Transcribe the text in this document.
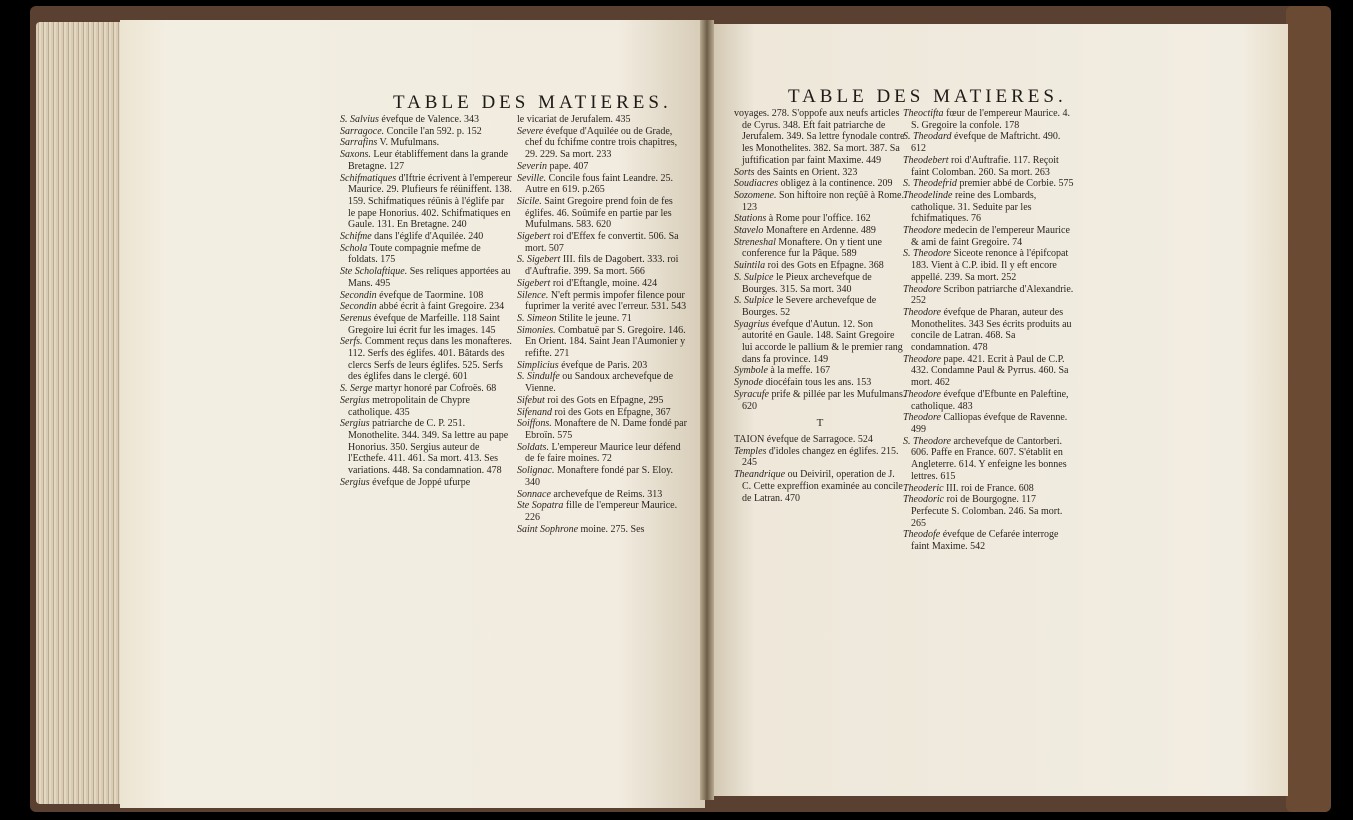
TABLE DES MATIERES.	TABLE DES MATIERES.

S. Salvius évefque de Valence. 343

Sarragoce. Concile l'an 592. p. 152

Sarrafins V. Mufulmans.

Saxons. Leur établiffement dans la grande Bretagne. 127

Schifmatiques d'Iftrie écrivent à l'empereur Maurice. 29. Plufieurs fe réüniffent. 138. 159. Schifmatiques réünis à l'églife par le pape Honorius. 402. Schifmatiques en Gaule. 131. En Bretagne. 240

Schifme dans l'églife d'Aquilée. 240

Schola Toute compagnie mefme de foldats. 175

Ste Scholaftique. Ses reliques apportées au Mans. 495

Secondin évefque de Taormine. 108

Secondin abbé écrit à faint Gregoire. 234

Serenus évefque de Marfeille. 118 Saint Gregoire lui écrit fur les images. 145

Serfs. Comment reçus dans les monafteres. 112. Serfs des églifes. 401. Bâtards des clercs Serfs de leurs églifes. 525. Serfs des églifes dans le clergé. 601

S. Serge martyr honoré par Cofroës. 68

Sergius metropolitain de Chypre catholique. 435

Sergius patriarche de C. P. 251. Monothelite. 344. 349. Sa lettre au pape Honorius. 350. Sergius auteur de l'Ecthefe. 411. 461. Sa mort. 413. Ses variations. 448. Sa condamnation. 478

Sergius évefque de Joppé ufurpe

le vicariat de Jerufalem. 435

Severe évefque d'Aquilée ou de Grade, chef du fchifme contre trois chapitres, 29. 229. Sa mort. 233

Severin pape. 407

Seville. Concile fous faint Leandre. 25. Autre en 619. p.265

Sicile. Saint Gregoire prend foin de fes églifes. 46. Soûmife en partie par les Mufulmans. 583. 620

Sigebert roi d'Effex fe convertit. 506. Sa mort. 507

S. Sigebert III. fils de Dagobert. 333. roi d'Auftrafie. 399. Sa mort. 566

Sigebert roi d'Eftangle, moine. 424

Silence. N'eft permis impofer filence pour fuprimer la verité avec l'erreur. 531. 543

S. Simeon Stilite le jeune. 71

Simonies. Combatuë par S. Gregoire. 146. En Orient. 184. Saint Jean l'Aumonier y refifte. 271

Simplicius évefque de Paris. 203

S. Sindulfe ou Sandoux archevefque de Vienne.

Sifebut roi des Gots en Efpagne, 295

Sifenand roi des Gots en Efpagne, 367

Soiffons. Monaftere de N. Dame fondé par Ebroïn. 575

Soldats. L'empereur Maurice leur défend de fe faire moines. 72

Solignac. Monaftere fondé par S. Eloy. 340

Sonnace archevefque de Reims. 313

Ste Sopatra fille de l'empereur Maurice. 226

Saint Sophrone moine. 275. Ses

voyages. 278. S'oppofe aux neufs articles de Cyrus. 348. Eft fait patriarche de Jerufalem. 349. Sa lettre fynodale contre les Monothelites. 382. Sa mort. 387. Sa juftification par faint Maxime. 449

Sorts des Saints en Orient. 323

Soudiacres obligez à la continence. 209

Sozomene. Son hiftoire non reçûë à Rome. 123

Stations à Rome pour l'office. 162

Stavelo Monaftere en Ardenne. 489

Streneshal Monaftere. On y tient une conference fur la Pâque. 589

Suintila roi des Gots en Efpagne. 368

S. Sulpice le Pieux archevefque de Bourges. 315. Sa mort. 340

S. Sulpice le Severe archevefque de Bourges. 52

Syagrius évefque d'Autun. 12. Son autorité en Gaule. 148. Saint Gregoire lui accorde le pallium & le premier rang dans fa province. 149

Symbole à la meffe. 167

Synode diocéfain tous les ans. 153

Syracufe prife & pillée par les Mufulmans. 620

T

TAION évefque de Sarragoce. 524

Temples d'idoles changez en églifes. 215. 245

Theandrique ou Deiviril, operation de J. C. Cette expreffion examinée au concile de Latran. 470

Theoctifta fœur de l'empereur Maurice. 4. S. Gregoire la confole. 178

S. Theodard évefque de Maftricht. 490. 612

Theodebert roi d'Auftrafie. 117. Reçoit faint Colomban. 260. Sa mort. 263

S. Theodefrid premier abbé de Corbie. 575

Theodelinde reine des Lombards, catholique. 31. Seduite par les fchifmatiques. 76

Theodore medecin de l'empereur Maurice & ami de faint Gregoire. 74

S. Theodore Siceote renonce à l'épifcopat 183. Vient à C.P. ibid. Il y eft encore appellé. 239. Sa mort. 252

Theodore Scribon patriarche d'Alexandrie. 252

Theodore évefque de Pharan, auteur des Monothelites. 343 Ses écrits produits au concile de Latran. 468. Sa condamnation. 478

Theodore pape. 421. Ecrit à Paul de C.P. 432. Condamne Paul & Pyrrus. 460. Sa mort. 462

Theodore évefque d'Efbunte en Paleftine, catholique. 483

Theodore Calliopas évefque de Ravenne. 499

S. Theodore archevefque de Cantorberi. 606. Paffe en France. 607. S'établit en Angleterre. 614. Y enfeigne les bonnes lettres. 615

Theoderic III. roi de France. 608

Theodoric roi de Bourgogne. 117 Perfecute S. Colomban. 246. Sa mort. 265

Theodofe évefque de Cefarée interroge faint Maxime. 542
